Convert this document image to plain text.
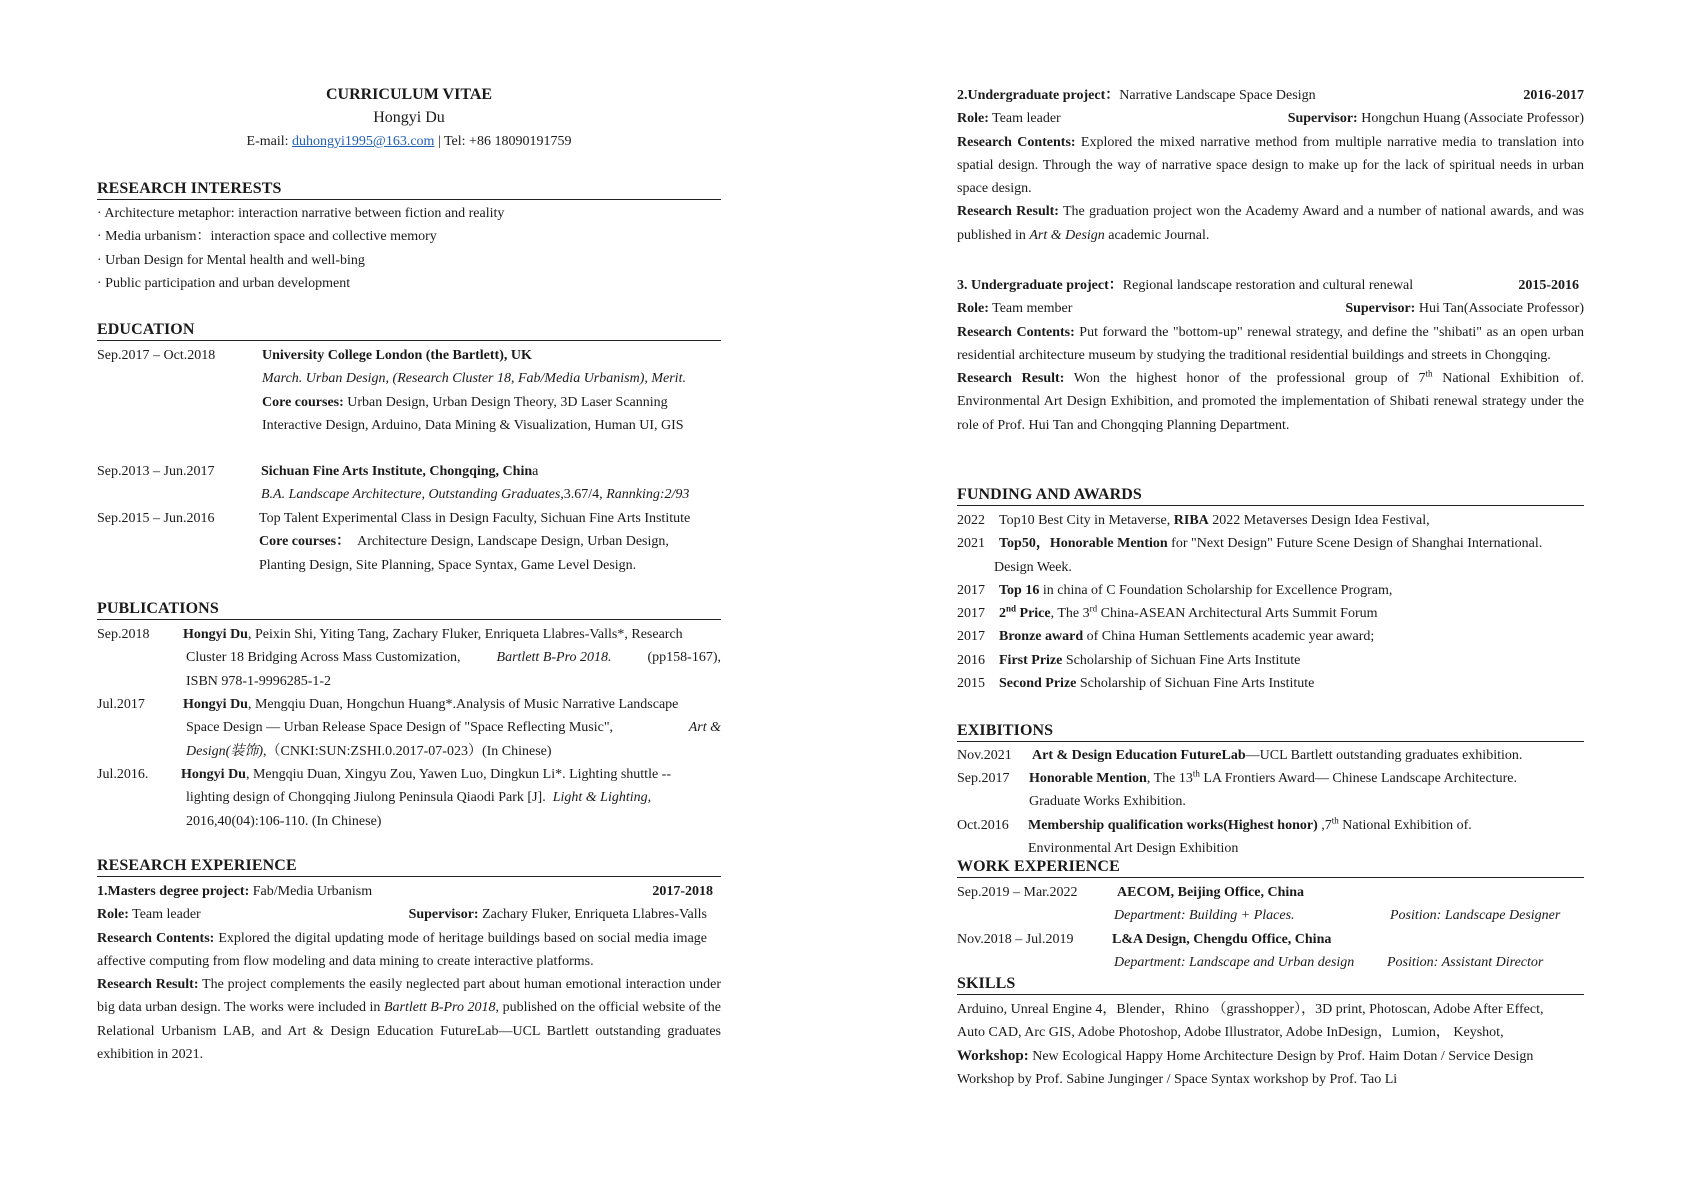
CURRICULUM VITAE
Hongyi Du
E-mail: duhongyi1995@163.com | Tel: +86 18090191759
RESEARCH INTERESTS
· Architecture metaphor: interaction narrative between fiction and reality
· Media urbanism：interaction space and collective memory
· Urban Design for Mental health and well-bing
· Public participation and urban development
EDUCATION
Sep.2017 – Oct.2018	University College London (the Bartlett), UK
March. Urban Design, (Research Cluster 18, Fab/Media Urbanism), Merit.
Core courses: Urban Design, Urban Design Theory, 3D Laser Scanning
Interactive Design, Arduino, Data Mining & Visualization, Human UI, GIS
Sep.2013 – Jun.2017	Sichuan Fine Arts Institute, Chongqing, China
B.A. Landscape Architecture, Outstanding Graduates,3.67/4, Rannking:2/93
Sep.2015 – Jun.2016	Top Talent Experimental Class in Design Faculty, Sichuan Fine Arts Institute
Core courses： Architecture Design, Landscape Design, Urban Design,
Planting Design, Site Planning, Space Syntax, Game Level Design.
PUBLICATIONS
Sep.2018 Hongyi Du, Peixin Shi, Yiting Tang, Zachary Fluker, Enriqueta Llabres-Valls*, Research
Cluster 18 Bridging Across Mass Customization,	Bartlett B-Pro 2018.	(pp158-167),
ISBN 978-1-9996285-1-2
Jul.2017	Hongyi Du, Mengqiu Duan, Hongchun Huang*.Analysis of Music Narrative Landscape
Space Design — Urban Release Space Design of "Space Reflecting Music",	Art &
Design(装饰),（CNKI:SUN:ZSHI.0.2017-07-023）(In Chinese)
Jul.2016. Hongyi Du, Mengqiu Duan, Xingyu Zou, Yawen Luo, Dingkun Li*. Lighting shuttle --
lighting design of Chongqing Jiulong Peninsula Qiaodi Park [J]. Light & Lighting,
2016,40(04):106-110. (In Chinese)
RESEARCH EXPERIENCE
1.Masters degree project: Fab/Media Urbanism	2017-2018
Role: Team leader	Supervisor: Zachary Fluker, Enriqueta Llabres-Valls
Research Contents: Explored the digital updating mode of heritage buildings based on social media image affective computing from flow modeling and data mining to create interactive platforms.
Research Result: The project complements the easily neglected part about human emotional interaction under big data urban design. The works were included in Bartlett B-Pro 2018, published on the official website of the Relational Urbanism LAB, and Art & Design Education FutureLab—UCL Bartlett outstanding graduates exhibition in 2021.
2.Undergraduate project：Narrative Landscape Space Design	2016-2017
Role: Team leader	Supervisor: Hongchun Huang (Associate Professor)
Research Contents: Explored the mixed narrative method from multiple narrative media to translation into spatial design. Through the way of narrative space design to make up for the lack of spiritual needs in urban space design.
Research Result: The graduation project won the Academy Award and a number of national awards, and was published in Art & Design academic Journal.
3. Undergraduate project：Regional landscape restoration and cultural renewal	2015-2016
Role: Team member	Supervisor: Hui Tan(Associate Professor)
Research Contents: Put forward the "bottom-up" renewal strategy, and define the "shibati" as an open urban residential architecture museum by studying the traditional residential buildings and streets in Chongqing.
Research Result: Won the highest honor of the professional group of 7th National Exhibition of. Environmental Art Design Exhibition, and promoted the implementation of Shibati renewal strategy under the role of Prof. Hui Tan and Chongqing Planning Department.
FUNDING AND AWARDS
2022 Top10 Best City in Metaverse, RIBA 2022 Metaverses Design Idea Festival,
2021 Top50，Honorable Mention for "Next Design" Future Scene Design of Shanghai International.
Design Week.
2017 Top 16 in china of C Foundation Scholarship for Excellence Program,
2017 2nd Price, The 3rd China-ASEAN Architectural Arts Summit Forum
2017 Bronze award of China Human Settlements academic year award;
2016 First Prize Scholarship of Sichuan Fine Arts Institute
2015 Second Prize Scholarship of Sichuan Fine Arts Institute
EXIBITIONS
Nov.2021 Art & Design Education FutureLab—UCL Bartlett outstanding graduates exhibition.
Sep.2017 Honorable Mention, The 13th LA Frontiers Award— Chinese Landscape Architecture.
Graduate Works Exhibition.
Oct.2016 Membership qualification works(Highest honor) ,7th National Exhibition of.
Environmental Art Design Exhibition
WORK EXPERIENCE
Sep.2019 – Mar.2022	AECOM, Beijing Office, China
Department: Building + Places.	Position: Landscape Designer
Nov.2018 – Jul.2019	L&A Design, Chengdu Office, China
Department: Landscape and Urban design Position: Assistant Director
SKILLS
Arduino, Unreal Engine 4，Blender，Rhino （grasshopper），3D print, Photoscan, Adobe After Effect,
Auto CAD, Arc GIS, Adobe Photoshop, Adobe Illustrator, Adobe InDesign，Lumion， Keyshot,
Workshop: New Ecological Happy Home Architecture Design by Prof. Haim Dotan / Service Design
Workshop by Prof. Sabine Junginger / Space Syntax workshop by Prof. Tao Li
